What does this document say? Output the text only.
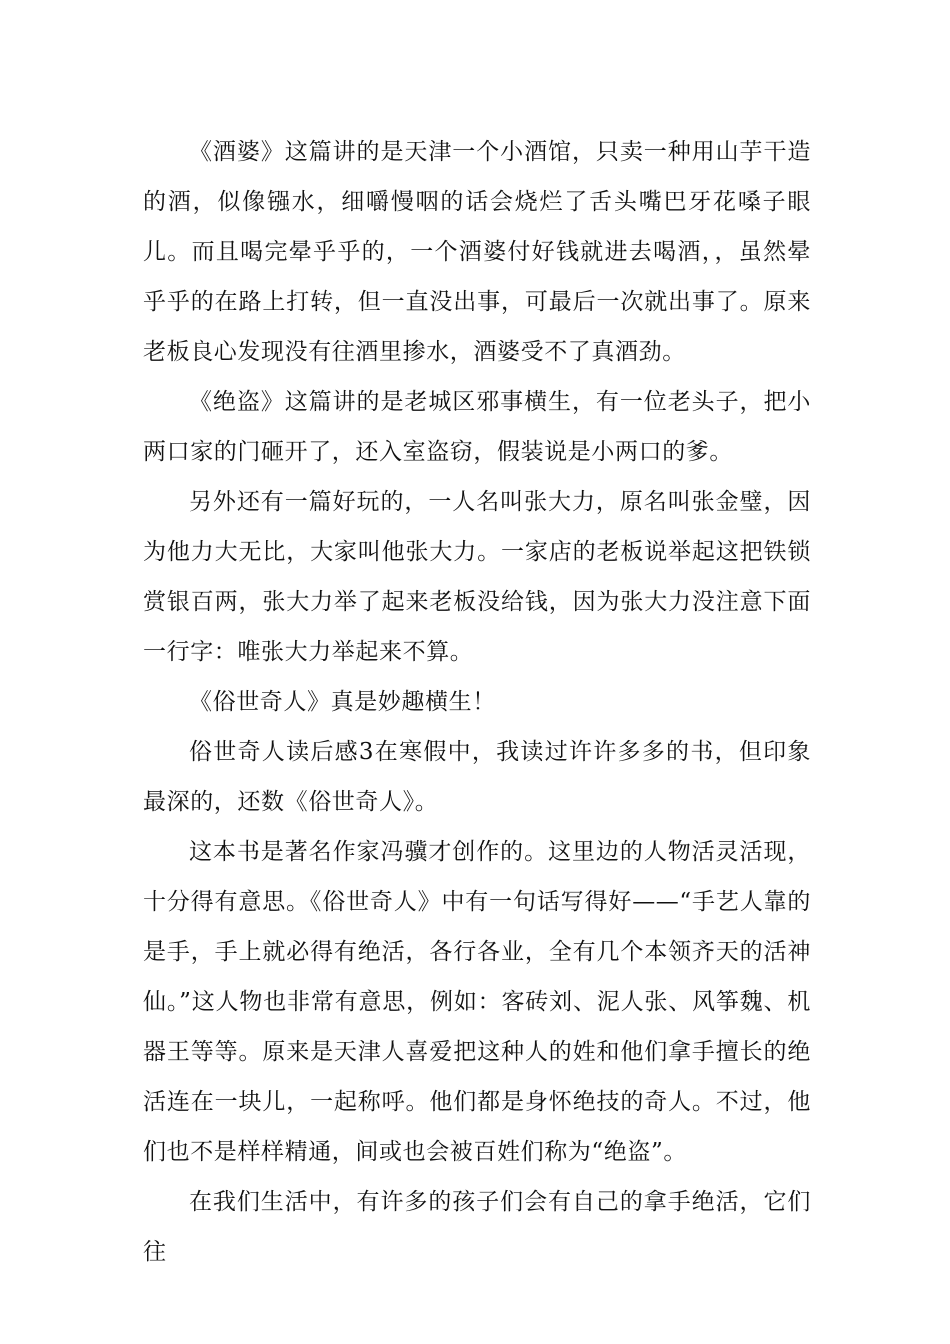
《酒婆》这篇讲的是天津一个小酒馆，只卖一种用山芋干造的酒，似像镪水，细嚼慢咽的话会烧烂了舌头嘴巴牙花嗓子眼儿。而且喝完晕乎乎的，一个酒婆付好钱就进去喝酒，，虽然晕乎乎的在路上打转，但一直没出事，可最后一次就出事了。原来老板良心发现没有往酒里掺水，酒婆受不了真酒劲。

《绝盗》这篇讲的是老城区邪事横生，有一位老头子，把小两口家的门砸开了，还入室盗窃，假装说是小两口的爹。

另外还有一篇好玩的，一人名叫张大力，原名叫张金璧，因为他力大无比，大家叫他张大力。一家店的老板说举起这把铁锁赏银百两，张大力举了起来老板没给钱，因为张大力没注意下面一行字：唯张大力举起来不算。

《俗世奇人》真是妙趣横生！

俗世奇人读后感3在寒假中，我读过许许多多的书，但印象最深的，还数《俗世奇人》。

这本书是著名作家冯骥才创作的。这里边的人物活灵活现，十分得有意思。《俗世奇人》中有一句话写得好——“手艺人靠的是手，手上就必得有绝活，各行各业，全有几个本领齐天的活神仙。”这人物也非常有意思，例如：客砖刘、泥人张、风筝魏、机器王等等。原来是天津人喜爱把这种人的姓和他们拿手擅长的绝活连在一块儿，一起称呼。他们都是身怀绝技的奇人。不过，他们也不是样样精通，间或也会被百姓们称为“绝盗”。

在我们生活中，有许多的孩子们会有自己的拿手绝活，它们往
